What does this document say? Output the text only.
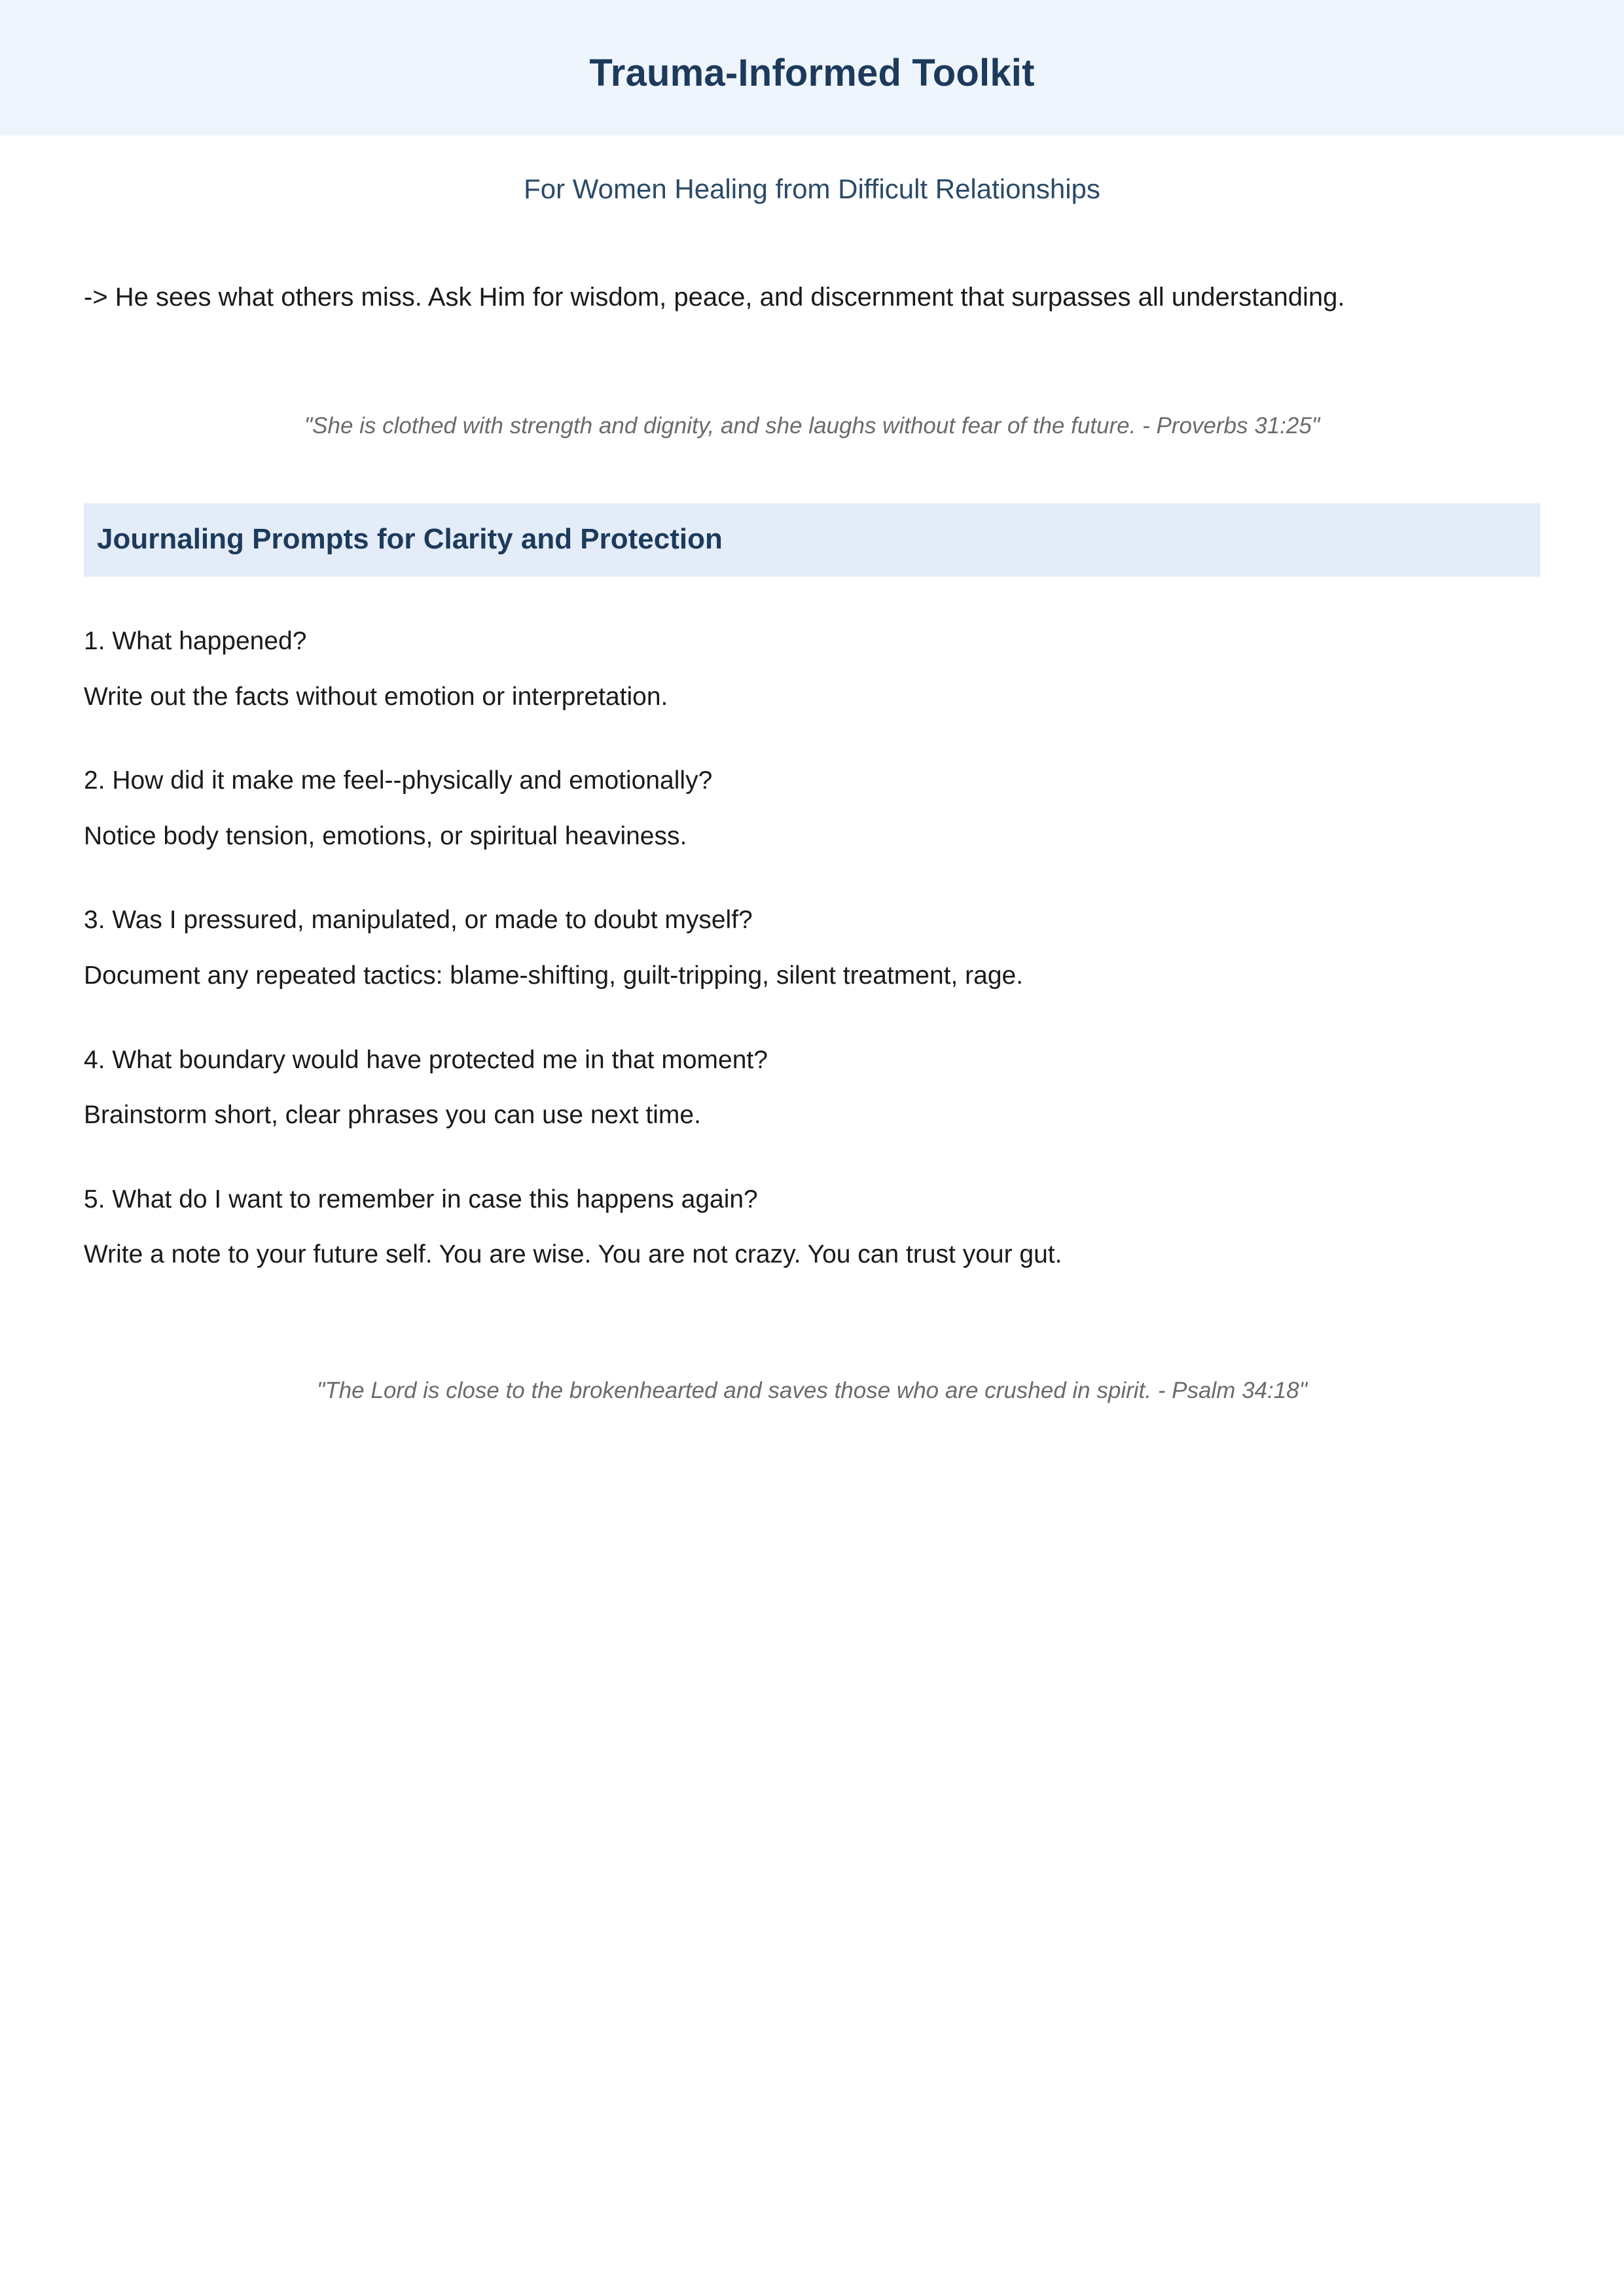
Trauma-Informed Toolkit
For Women Healing from Difficult Relationships

-> He sees what others miss. Ask Him for wisdom, peace, and discernment that surpasses all understanding.

"She is clothed with strength and dignity, and she laughs without fear of the future. - Proverbs 31:25"

Journaling Prompts for Clarity and Protection
1. What happened?
Write out the facts without emotion or interpretation.
2. How did it make me feel--physically and emotionally?
Notice body tension, emotions, or spiritual heaviness.
3. Was I pressured, manipulated, or made to doubt myself?
Document any repeated tactics: blame-shifting, guilt-tripping, silent treatment, rage.
4. What boundary would have protected me in that moment?
Brainstorm short, clear phrases you can use next time.
5. What do I want to remember in case this happens again?
Write a note to your future self. You are wise. You are not crazy. You can trust your gut.

"The Lord is close to the brokenhearted and saves those who are crushed in spirit. - Psalm 34:18"
